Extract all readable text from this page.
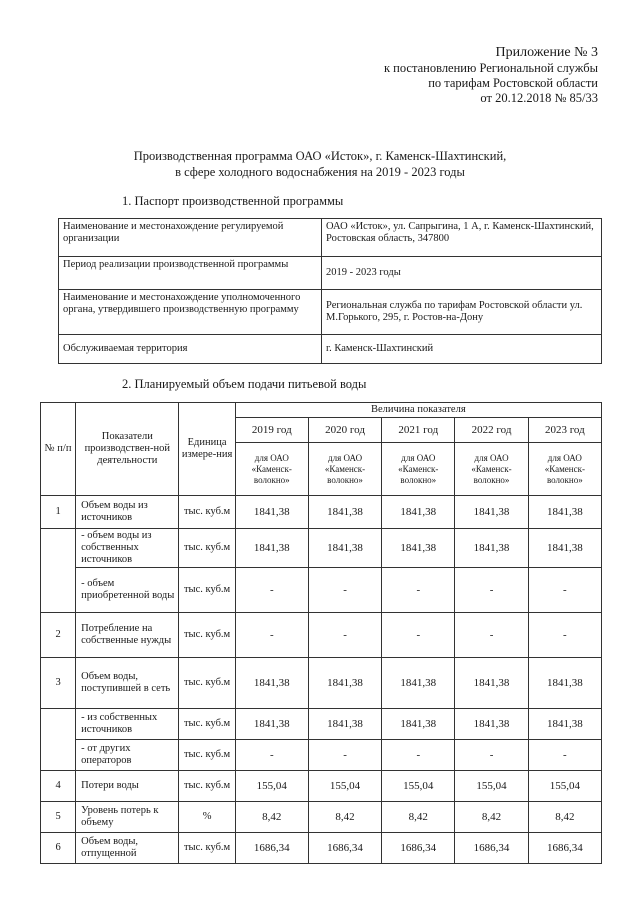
Приложение № 3
к постановлению Региональной службы
по тарифам Ростовской области
от 20.12.2018 № 85/33
Производственная программа ОАО «Исток», г. Каменск-Шахтинский,
в сфере холодного водоснабжения на 2019 - 2023 годы
1. Паспорт производственной программы
Наименование и местонахождение регулируемой организации	ОАО «Исток», ул. Сапрыгина, 1 А, г. Каменск-Шахтинский, Ростовская область, 347800
Период реализации производственной программы	2019 - 2023 годы
Наименование и местонахождение уполномоченного органа, утвердившего производственную программу	Региональная служба по тарифам Ростовской области ул. М.Горького, 295, г. Ростов-на-Дону
Обслуживаемая территория	г. Каменск-Шахтинский
2. Планируемый объем подачи питьевой воды
№ п/п	Показатели производствен-ной деятельности	Единица измере-ния	Величина показателя				
			2019 год	2020 год	2021 год	2022 год	2023 год
			для ОАО «Каменск-волокно»	для ОАО «Каменск-волокно»	для ОАО «Каменск-волокно»	для ОАО «Каменск-волокно»	для ОАО «Каменск-волокно»
1	Объем воды из источников	тыс. куб.м	1841,38	1841,38	1841,38	1841,38	1841,38
	- объем воды из собственных источников	тыс. куб.м	1841,38	1841,38	1841,38	1841,38	1841,38
	- объем приобретенной воды	тыс. куб.м	-	-	-	-	-
2	Потребление на собственные нужды	тыс. куб.м	-	-	-	-	-
3	Объем воды, поступившей в сеть	тыс. куб.м	1841,38	1841,38	1841,38	1841,38	1841,38
	- из собственных источников	тыс. куб.м	1841,38	1841,38	1841,38	1841,38	1841,38
	- от других операторов	тыс. куб.м	-	-	-	-	-
4	Потери воды	тыс. куб.м	155,04	155,04	155,04	155,04	155,04
5	Уровень потерь к объему	%	8,42	8,42	8,42	8,42	8,42
6	Объем воды, отпущенной	тыс. куб.м	1686,34	1686,34	1686,34	1686,34	1686,34
